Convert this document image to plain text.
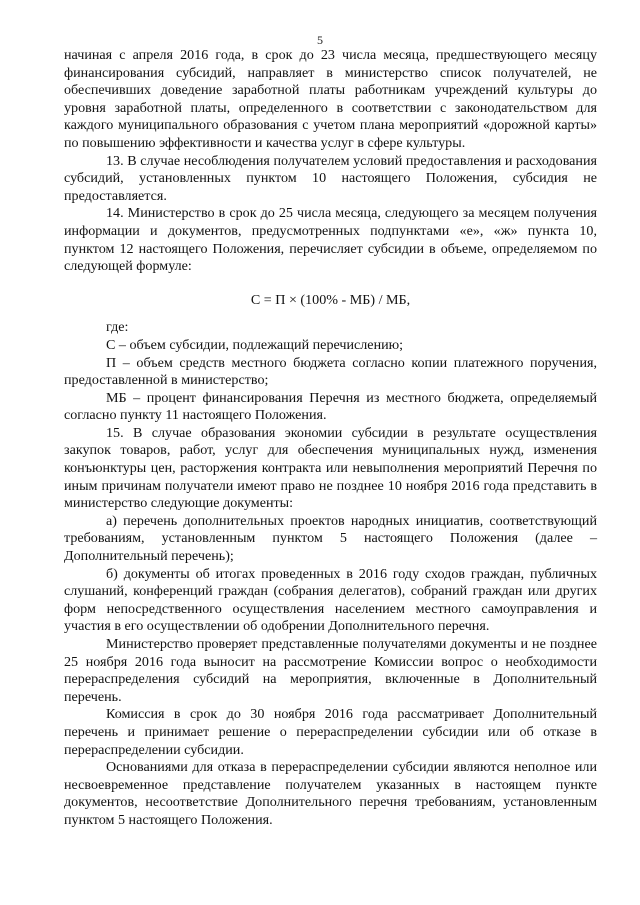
5

начиная с апреля 2016 года, в срок до 23 числа месяца, предшествующего месяцу финансирования субсидий, направляет в министерство список получателей, не обеспечивших доведение заработной платы работникам учреждений культуры до уровня заработной платы, определенного в соответствии с законодательством для каждого муниципального образования с учетом плана мероприятий «дорожной карты» по повышению эффективности и качества услуг в сфере культуры.

13. В случае несоблюдения получателем условий предоставления и расходования субсидий, установленных пунктом 10 настоящего Положения, субсидия не предоставляется.

14. Министерство в срок до 25 числа месяца, следующего за месяцем получения информации и документов, предусмотренных подпунктами «е», «ж» пункта 10, пунктом 12 настоящего Положения, перечисляет субсидии в объеме, определяемом по следующей формуле:

С = П × (100% - МБ) / МБ,

где:

С – объем субсидии, подлежащий перечислению;

П – объем средств местного бюджета согласно копии платежного поручения, предоставленной в министерство;

МБ – процент финансирования Перечня из местного бюджета, определяемый согласно пункту 11 настоящего Положения.

15. В случае образования экономии субсидии в результате осуществления закупок товаров, работ, услуг для обеспечения муниципальных нужд, изменения конъюнктуры цен, расторжения контракта или невыполнения мероприятий Перечня по иным причинам получатели имеют право не позднее 10 ноября 2016 года представить в министерство следующие документы:

а) перечень дополнительных проектов народных инициатив, соответствующий требованиям, установленным пунктом 5 настоящего Положения (далее – Дополнительный перечень);

б) документы об итогах проведенных в 2016 году сходов граждан, публичных слушаний, конференций граждан (собрания делегатов), собраний граждан или других форм непосредственного осуществления населением местного самоуправления и участия в его осуществлении об одобрении Дополнительного перечня.

Министерство проверяет представленные получателями документы и не позднее 25 ноября 2016 года выносит на рассмотрение Комиссии вопрос о необходимости перераспределения субсидий на мероприятия, включенные в Дополнительный перечень.

Комиссия в срок до 30 ноября 2016 года рассматривает Дополнительный перечень и принимает решение о перераспределении субсидии или об отказе в перераспределении субсидии.

Основаниями для отказа в перераспределении субсидии являются неполное или несвоевременное представление получателем указанных в настоящем пункте документов, несоответствие Дополнительного перечня требованиям, установленным пунктом 5 настоящего Положения.
